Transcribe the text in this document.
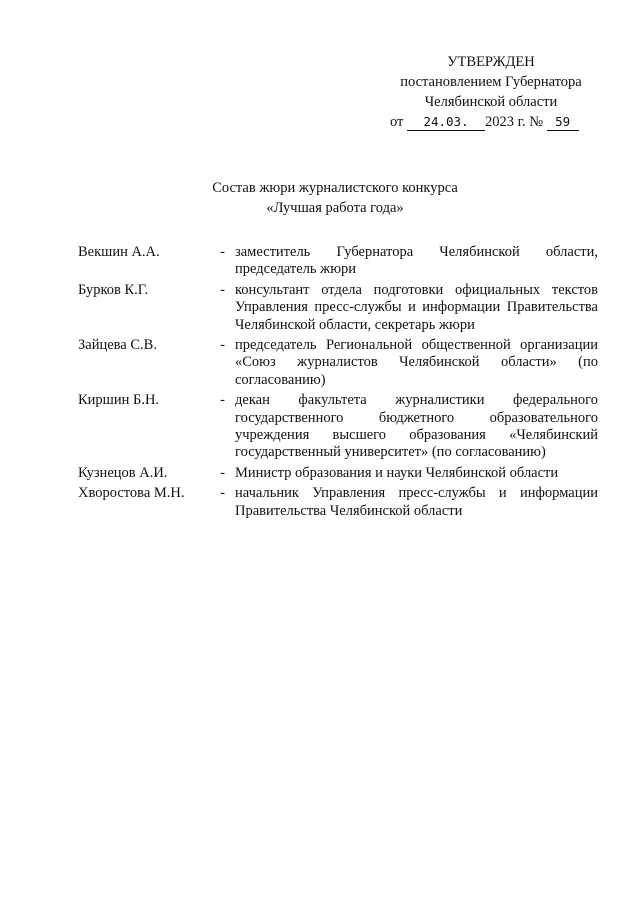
УТВЕРЖДЕН
постановлением Губернатора
Челябинской области
от 24.03. 2023 г. № 59
Состав жюри журналистского конкурса
«Лучшая работа года»
Векшин А.А.	- заместитель Губернатора Челябинской области, председатель жюри
Бурков К.Г.	- консультант отдела подготовки официальных текстов Управления пресс-службы и информации Правительства Челябинской области, секретарь жюри
Зайцева С.В.	- председатель Региональной общественной организации «Союз журналистов Челябинской области» (по согласованию)
Киршин Б.Н.	- декан факультета журналистики федерального государственного бюджетного образовательного учреждения высшего образования «Челябинский государственный университет» (по согласованию)
Кузнецов А.И.	- Министр образования и науки Челябинской области
Хворостова М.Н.	- начальник Управления пресс-службы и информации Правительства Челябинской области
